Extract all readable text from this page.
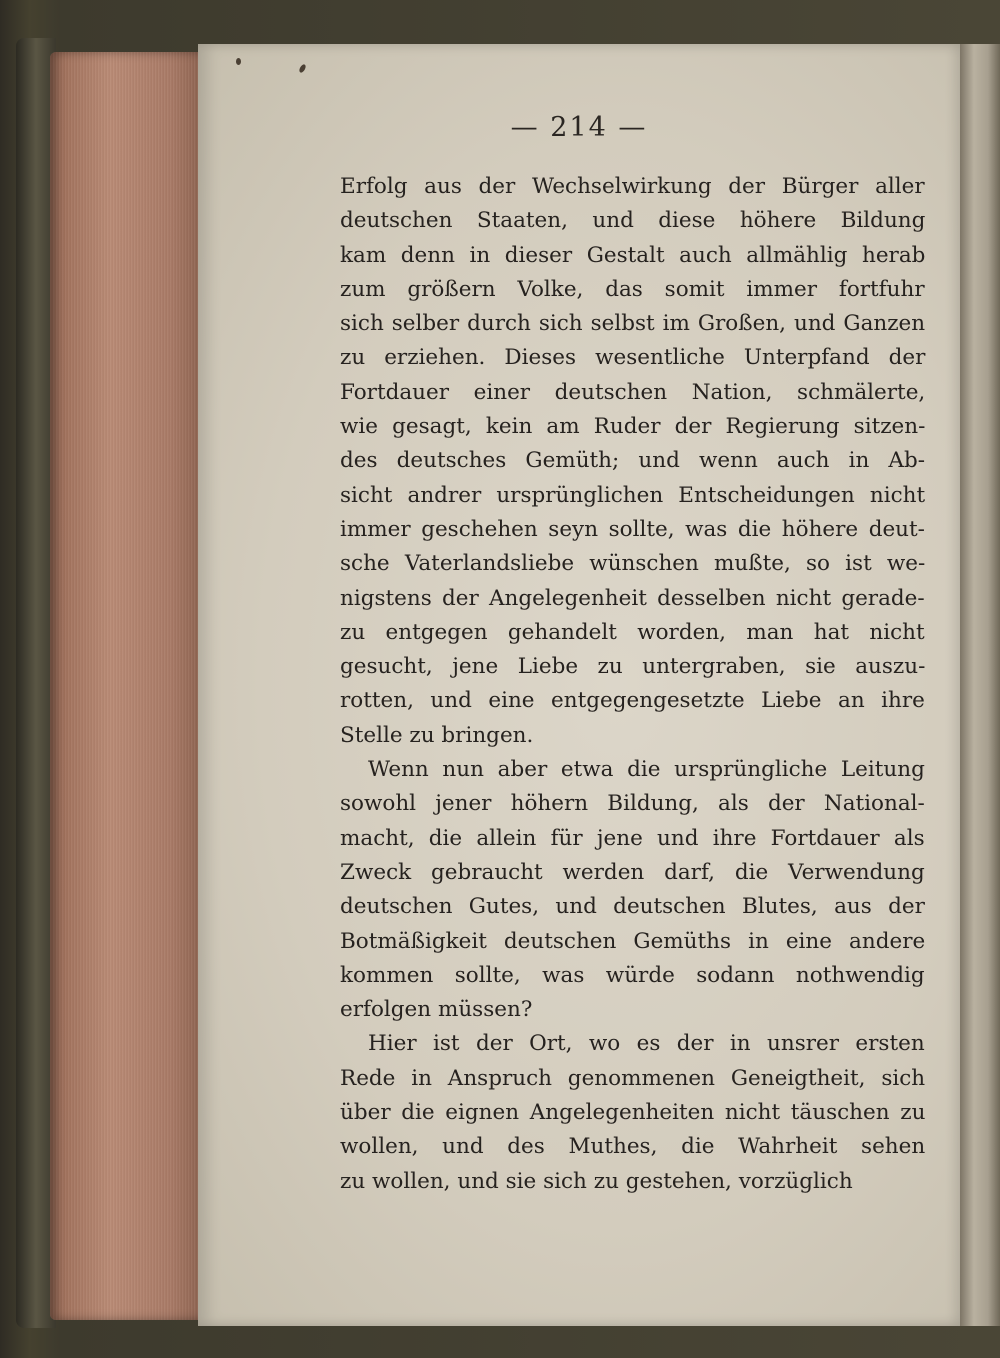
— 214 —
Erfolg aus der Wechselwirkung der Bürger aller
deutschen Staaten, und diese höhere Bildung
kam denn in dieser Gestalt auch allmählig herab
zum größern Volke, das somit immer fortfuhr
sich selber durch sich selbst im Großen, und Ganzen
zu erziehen. Dieses wesentliche Unterpfand der
Fortdauer einer deutschen Nation, schmälerte,
wie gesagt, kein am Ruder der Regierung sitzen-
des deutsches Gemüth; und wenn auch in Ab-
sicht andrer ursprünglichen Entscheidungen nicht
immer geschehen seyn sollte, was die höhere deut-
sche Vaterlandsliebe wünschen mußte, so ist we-
nigstens der Angelegenheit desselben nicht gerade-
zu entgegen gehandelt worden, man hat nicht
gesucht, jene Liebe zu untergraben, sie auszu-
rotten, und eine entgegengesetzte Liebe an ihre
Stelle zu bringen.
Wenn nun aber etwa die ursprüngliche Leitung
sowohl jener höhern Bildung, als der National-
macht, die allein für jene und ihre Fortdauer als
Zweck gebraucht werden darf, die Verwendung
deutschen Gutes, und deutschen Blutes, aus der
Botmäßigkeit deutschen Gemüths in eine andere
kommen sollte, was würde sodann nothwendig
erfolgen müssen?
Hier ist der Ort, wo es der in unsrer ersten
Rede in Anspruch genommenen Geneigtheit, sich
über die eignen Angelegenheiten nicht täuschen zu
wollen, und des Muthes, die Wahrheit sehen
zu wollen, und sie sich zu gestehen, vorzüglich
